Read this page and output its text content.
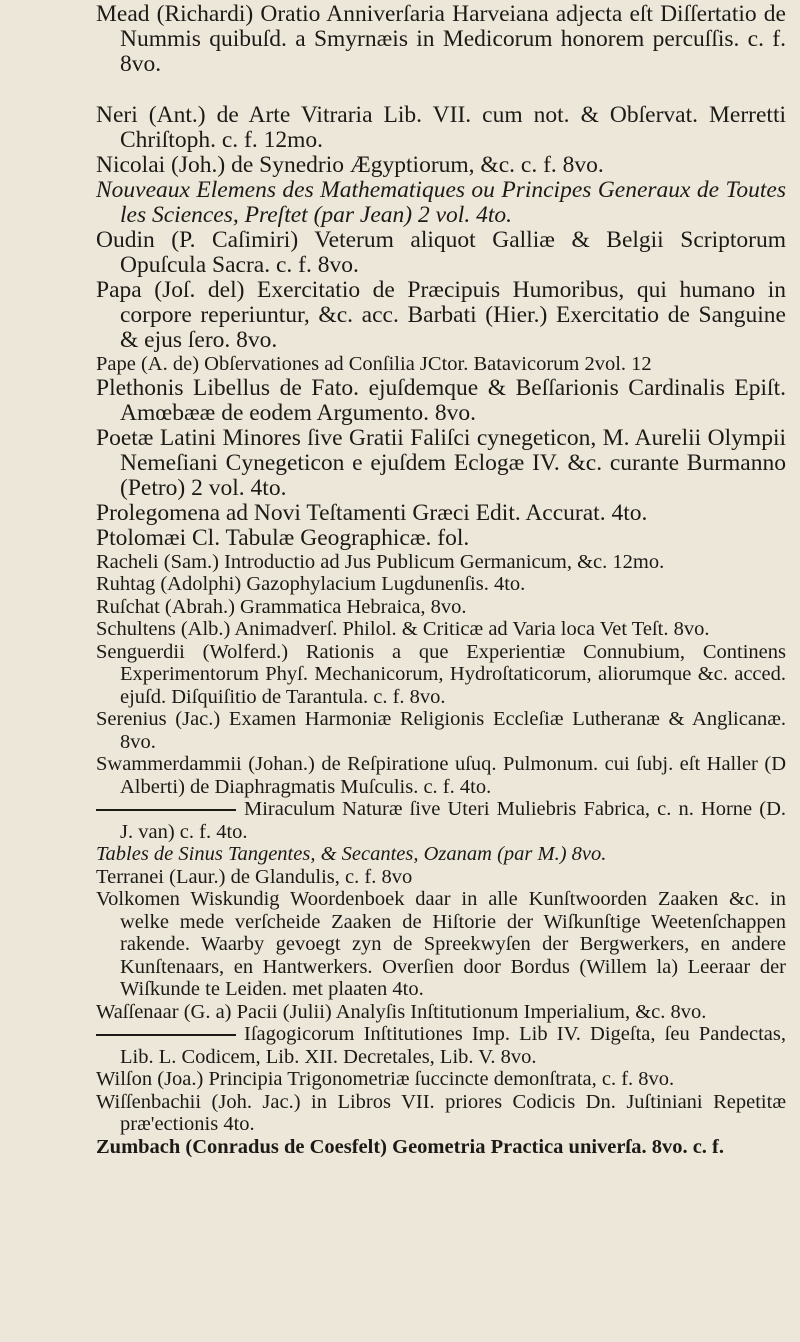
Mead (Richardi) Oratio Anniverſaria Harveiana adjecta eſt Diſſertatio de Nummis quibuſd. a Smyrnæis in Medicorum honorem percuſſis. c. f. 8vo.

Neri (Ant.) de Arte Vitraria Lib. VII. cum not. & Obſervat. Merretti Chriſtoph. c. f. 12mo.

Nicolai (Joh.) de Synedrio Ægyptiorum, &c. c. f. 8vo.

Nouveaux Elemens des Mathematiques ou Principes Generaux de Toutes les Sciences, Preſtet (par Jean) 2 vol. 4to.

Oudin (P. Caſimiri) Veterum aliquot Galliæ & Belgii Scriptorum Opuſcula Sacra. c. f. 8vo.

Papa (Joſ. del) Exercitatio de Præcipuis Humoribus, qui humano in corpore reperiuntur, &c. acc. Barbati (Hier.) Exercitatio de Sanguine & ejus ſero. 8vo.

Pape (A. de) Obſervationes ad Conſilia JCtor. Batavicorum 2vol. 12

Plethonis Libellus de Fato. ejuſdemque & Beſſarionis Cardinalis Epiſt. Amœbææ de eodem Argumento. 8vo.

Poetæ Latini Minores ſive Gratii Faliſci cynegeticon, M. Aurelii Olympii Nemeſiani Cynegeticon e ejuſdem Eclogæ IV. &c. curante Burmanno (Petro) 2 vol. 4to.

Prolegomena ad Novi Teſtamenti Græci Edit. Accurat. 4to.

Ptolomæi Cl. Tabulæ Geographicæ. fol.

Racheli (Sam.) Introductio ad Jus Publicum Germanicum, &c. 12mo.

Ruhtag (Adolphi) Gazophylacium Lugdunenſis. 4to.

Ruſchat (Abrah.) Grammatica Hebraica, 8vo.

Schultens (Alb.) Animadverſ. Philol. & Criticæ ad Varia loca Vet Teſt. 8vo.

Senguerdii (Wolferd.) Rationis a que Experientiæ Connubium, Continens Experimentorum Phyſ. Mechanicorum, Hydroſtaticorum, aliorumque &c. acced. ejuſd. Diſquiſitio de Tarantula. c. f. 8vo.

Serenius (Jac.) Examen Harmoniæ Religionis Eccleſiæ Lutheranæ & Anglicanæ. 8vo.

Swammerdammii (Johan.) de Reſpiratione uſuq. Pulmonum. cui ſubj. eſt Haller (D Alberti) de Diaphragmatis Muſculis. c. f. 4to.

Miraculum Naturæ ſive Uteri Muliebris Fabrica, c. n. Horne (D. J. van) c. f. 4to.

Tables de Sinus Tangentes, & Secantes, Ozanam (par M.) 8vo.

Terranei (Laur.) de Glandulis, c. f. 8vo

Volkomen Wiskundig Woordenboek daar in alle Kunſtwoorden Zaaken &c. in welke mede verſcheide Zaaken de Hiſtorie der Wiſkunſtige Weetenſchappen rakende. Waarby gevoegt zyn de Spreekwyſen der Bergwerkers, en andere Kunſtenaars, en Hantwerkers. Overſien door Bordus (Willem la) Leeraar der Wiſkunde te Leiden. met plaaten 4to.

Waſſenaar (G. a) Pacii (Julii) Analyſis Inſtitutionum Imperialium, &c. 8vo.

Iſagogicorum Inſtitutiones Imp. Lib IV. Digeſta, ſeu Pandectas, Lib. L. Codicem, Lib. XII. Decretales, Lib. V. 8vo.

Wilſon (Joa.) Principia Trigonometriæ ſuccincte demonſtrata, c. f. 8vo.

Wiſſenbachii (Joh. Jac.) in Libros VII. priores Codicis Dn. Juſtiniani Repetitæ præ'ectionis 4to.

Zumbach (Conradus de Coesfelt) Geometria Practica univerſa. 8vo. c. f.
